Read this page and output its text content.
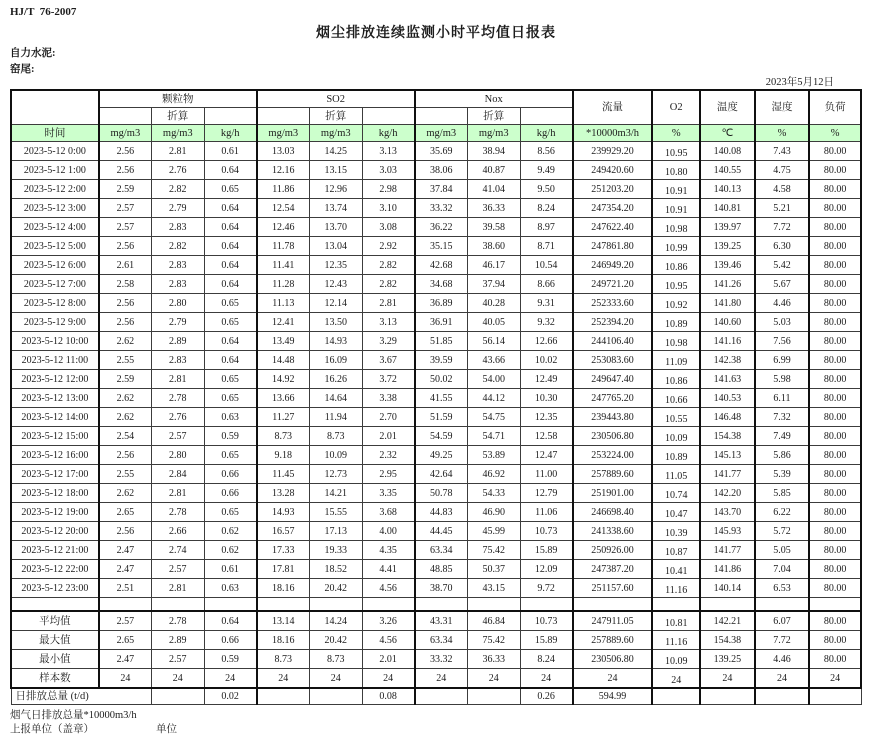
HJ/T  76-2007
烟尘排放连续监测小时平均值日报表
自力水泥:
窑尾:
2023年5月12日
	颗粒物			SO2			Nox			流量	O2	温度	湿度	负荷
		折算			折算			折算						
时间	mg/m3	mg/m3	kg/h	mg/m3	mg/m3	kg/h	mg/m3	mg/m3	kg/h	*10000m3/h	%	℃	%	%
2023-5-12 0:00	2.56	2.81	0.61	13.03	14.25	3.13	35.69	38.94	8.56	239929.20	10.95	140.08	7.43	80.00
2023-5-12 1:00	2.56	2.76	0.64	12.16	13.15	3.03	38.06	40.87	9.49	249420.60	10.80	140.55	4.75	80.00
2023-5-12 2:00	2.59	2.82	0.65	11.86	12.96	2.98	37.84	41.04	9.50	251203.20	10.91	140.13	4.58	80.00
2023-5-12 3:00	2.57	2.79	0.64	12.54	13.74	3.10	33.32	36.33	8.24	247354.20	10.91	140.81	5.21	80.00
2023-5-12 4:00	2.57	2.83	0.64	12.46	13.70	3.08	36.22	39.58	8.97	247622.40	10.98	139.97	7.72	80.00
2023-5-12 5:00	2.56	2.82	0.64	11.78	13.04	2.92	35.15	38.60	8.71	247861.80	10.99	139.25	6.30	80.00
2023-5-12 6:00	2.61	2.83	0.64	11.41	12.35	2.82	42.68	46.17	10.54	246949.20	10.86	139.46	5.42	80.00
2023-5-12 7:00	2.58	2.83	0.64	11.28	12.43	2.82	34.68	37.94	8.66	249721.20	10.95	141.26	5.67	80.00
2023-5-12 8:00	2.56	2.80	0.65	11.13	12.14	2.81	36.89	40.28	9.31	252333.60	10.92	141.80	4.46	80.00
2023-5-12 9:00	2.56	2.79	0.65	12.41	13.50	3.13	36.91	40.05	9.32	252394.20	10.89	140.60	5.03	80.00
2023-5-12 10:00	2.62	2.89	0.64	13.49	14.93	3.29	51.85	56.14	12.66	244106.40	10.98	141.16	7.56	80.00
2023-5-12 11:00	2.55	2.83	0.64	14.48	16.09	3.67	39.59	43.66	10.02	253083.60	11.09	142.38	6.99	80.00
2023-5-12 12:00	2.59	2.81	0.65	14.92	16.26	3.72	50.02	54.00	12.49	249647.40	10.86	141.63	5.98	80.00
2023-5-12 13:00	2.62	2.78	0.65	13.66	14.64	3.38	41.55	44.12	10.30	247765.20	10.66	140.53	6.11	80.00
2023-5-12 14:00	2.62	2.76	0.63	11.27	11.94	2.70	51.59	54.75	12.35	239443.80	10.55	146.48	7.32	80.00
2023-5-12 15:00	2.54	2.57	0.59	8.73	8.73	2.01	54.59	54.71	12.58	230506.80	10.09	154.38	7.49	80.00
2023-5-12 16:00	2.56	2.80	0.65	9.18	10.09	2.32	49.25	53.89	12.47	253224.00	10.89	145.13	5.86	80.00
2023-5-12 17:00	2.55	2.84	0.66	11.45	12.73	2.95	42.64	46.92	11.00	257889.60	11.05	141.77	5.39	80.00
2023-5-12 18:00	2.62	2.81	0.66	13.28	14.21	3.35	50.78	54.33	12.79	251901.00	10.74	142.20	5.85	80.00
2023-5-12 19:00	2.65	2.78	0.65	14.93	15.55	3.68	44.83	46.90	11.06	246698.40	10.47	143.70	6.22	80.00
2023-5-12 20:00	2.56	2.66	0.62	16.57	17.13	4.00	44.45	45.99	10.73	241338.60	10.39	145.93	5.72	80.00
2023-5-12 21:00	2.47	2.74	0.62	17.33	19.33	4.35	63.34	75.42	15.89	250926.00	10.87	141.77	5.05	80.00
2023-5-12 22:00	2.47	2.57	0.61	17.81	18.52	4.41	48.85	50.37	12.09	247387.20	10.41	141.86	7.04	80.00
2023-5-12 23:00	2.51	2.81	0.63	18.16	20.42	4.56	38.70	43.15	9.72	251157.60	11.16	140.14	6.53	80.00

平均值	2.57	2.78	0.64	13.14	14.24	3.26	43.31	46.84	10.73	247911.05	10.81	142.21	6.07	80.00
最大值	2.65	2.89	0.66	18.16	20.42	4.56	63.34	75.42	15.89	257889.60	11.16	154.38	7.72	80.00
最小值	2.47	2.57	0.59	8.73	8.73	2.01	33.32	36.33	8.24	230506.80	10.09	139.25	4.46	80.00
样本数	24	24	24	24	24	24	24	24	24	24	24	24	24	24
日排放总量 (t/d)			0.02			0.08			0.26	594.99				
烟气日排放总量*10000m3/h
上报单位（盖章）	单位
